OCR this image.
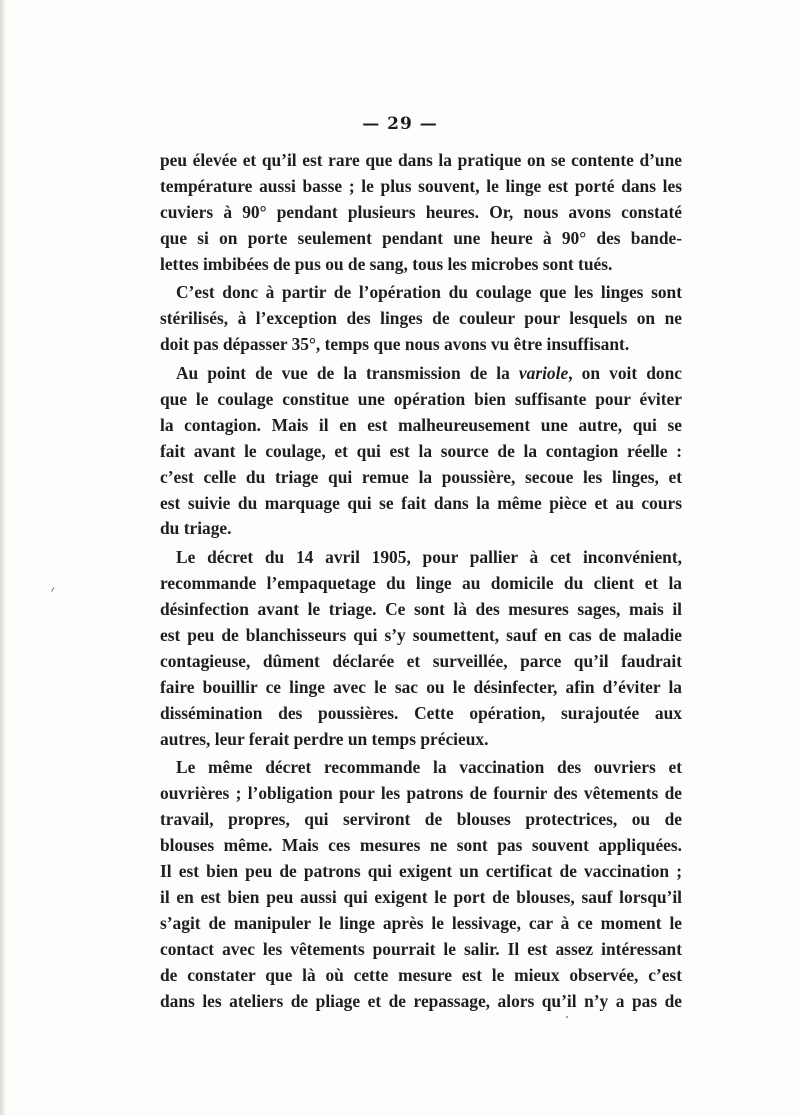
— 29 —

peu élevée et qu’il est rare que dans la pratique on se contente d’une
température aussi basse ; le plus souvent, le linge est porté dans les
cuviers à 90° pendant plusieurs heures. Or, nous avons constaté
que si on porte seulement pendant une heure à 90° des bande-
lettes imbibées de pus ou de sang, tous les microbes sont tués.

C’est donc à partir de l’opération du coulage que les linges sont
stérilisés, à l’exception des linges de couleur pour lesquels on ne
doit pas dépasser 35°, temps que nous avons vu être insuffisant.

Au point de vue de la transmission de la variole, on voit donc
que le coulage constitue une opération bien suffisante pour éviter
la contagion. Mais il en est malheureusement une autre, qui se
fait avant le coulage, et qui est la source de la contagion réelle :
c’est celle du triage qui remue la poussière, secoue les linges, et
est suivie du marquage qui se fait dans la même pièce et au cours
du triage.

Le décret du 14 avril 1905, pour pallier à cet inconvénient,
recommande l’empaquetage du linge au domicile du client et la
désinfection avant le triage. Ce sont là des mesures sages, mais il
est peu de blanchisseurs qui s’y soumettent, sauf en cas de maladie
contagieuse, dûment déclarée et surveillée, parce qu’il faudrait
faire bouillir ce linge avec le sac ou le désinfecter, afin d’éviter la
dissémination des poussières. Cette opération, surajoutée aux
autres, leur ferait perdre un temps précieux.

Le même décret recommande la vaccination des ouvriers et
ouvrières ; l’obligation pour les patrons de fournir des vêtements de
travail, propres, qui serviront de blouses protectrices, ou de
blouses même. Mais ces mesures ne sont pas souvent appliquées.
Il est bien peu de patrons qui exigent un certificat de vaccination ;
il en est bien peu aussi qui exigent le port de blouses, sauf lorsqu’il
s’agit de manipuler le linge après le lessivage, car à ce moment le
contact avec les vêtements pourrait le salir. Il est assez intéressant
de constater que là où cette mesure est le mieux observée, c’est
dans les ateliers de pliage et de repassage, alors qu’il n’y a pas de
